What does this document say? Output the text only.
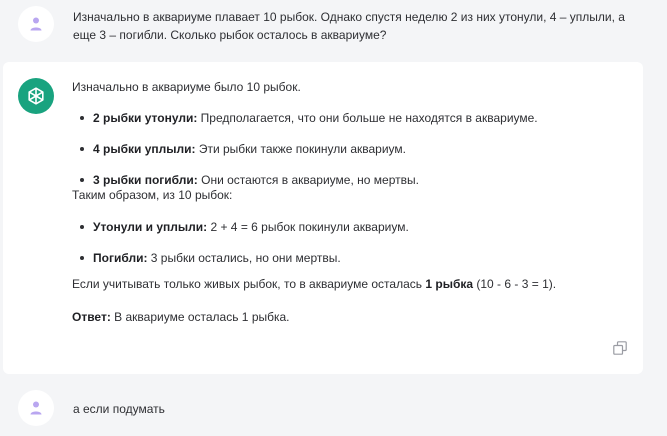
Изначально в аквариуме плавает 10 рыбок. Однако спустя неделю 2 из них утонули, 4 – уплыли, а
еще 3 – погибли. Сколько рыбок осталось в аквариуме?
Изначально в аквариуме было 10 рыбок.
2 рыбки утонули: Предполагается, что они больше не находятся в аквариуме.
4 рыбки уплыли: Эти рыбки также покинули аквариум.
3 рыбки погибли: Они остаются в аквариуме, но мертвы.
Таким образом, из 10 рыбок:
Утонули и уплыли: 2 + 4 = 6 рыбок покинули аквариум.
Погибли: 3 рыбки остались, но они мертвы.
Если учитывать только живых рыбок, то в аквариуме осталась 1 рыбка (10 - 6 - 3 = 1).
Ответ: В аквариуме осталась 1 рыбка.
а если подумать
